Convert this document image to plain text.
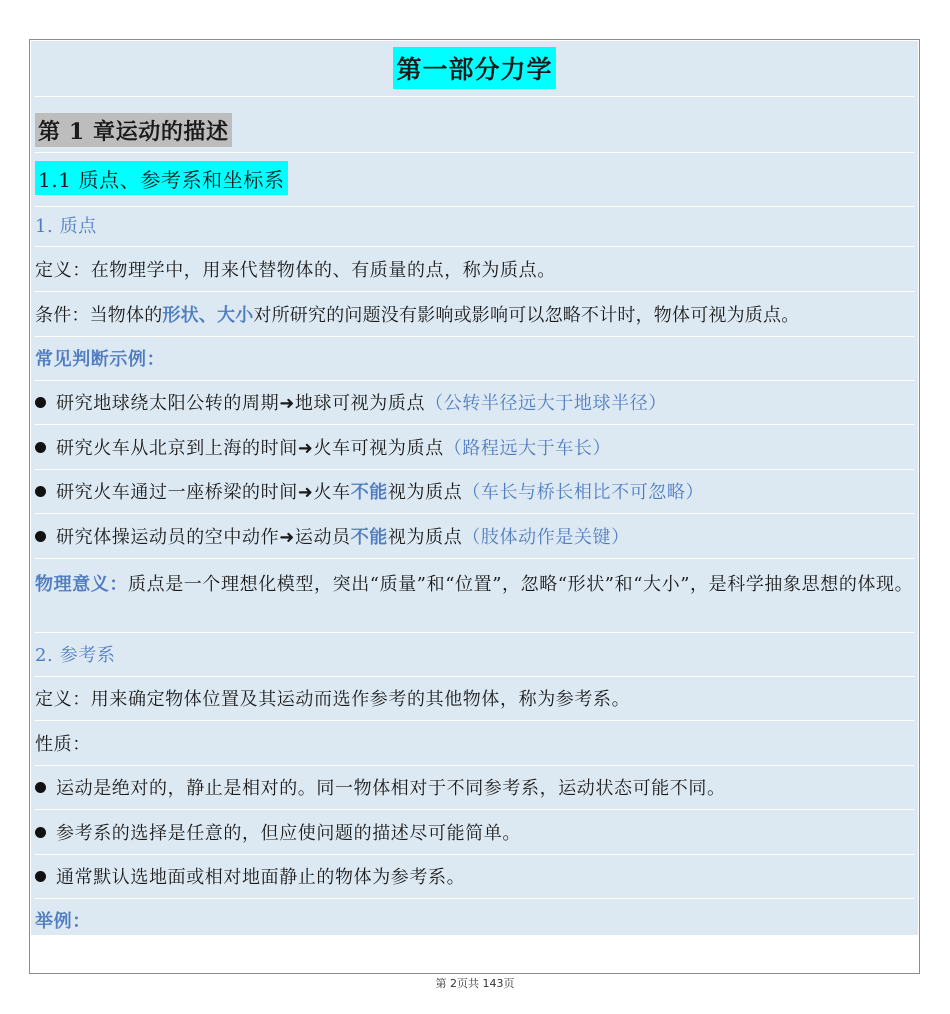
第一部分力学
第 1 章运动的描述
1.1 质点、参考系和坐标系
1. 质点
定义：在物理学中，用来代替物体的、有质量的点，称为质点。
条件：当物体的形状、大小对所研究的问题没有影响或影响可以忽略不计时，物体可视为质点。
常见判断示例：
研究地球绕太阳公转的周期➜地球可视为质点（公转半径远大于地球半径）
研究火车从北京到上海的时间➜火车可视为质点（路程远大于车长）
研究火车通过一座桥梁的时间➜火车不能视为质点（车长与桥长相比不可忽略）
研究体操运动员的空中动作➜运动员不能视为质点（肢体动作是关键）
物理意义：质点是一个理想化模型，突出“质量”和“位置”，忽略“形状”和“大小”，是科学抽象思想的体现。
2. 参考系
定义：用来确定物体位置及其运动而选作参考的其他物体，称为参考系。
性质：
运动是绝对的，静止是相对的。同一物体相对于不同参考系，运动状态可能不同。
参考系的选择是任意的，但应使问题的描述尽可能简单。
通常默认选地面或相对地面静止的物体为参考系。
举例：
第 2页共 143页
